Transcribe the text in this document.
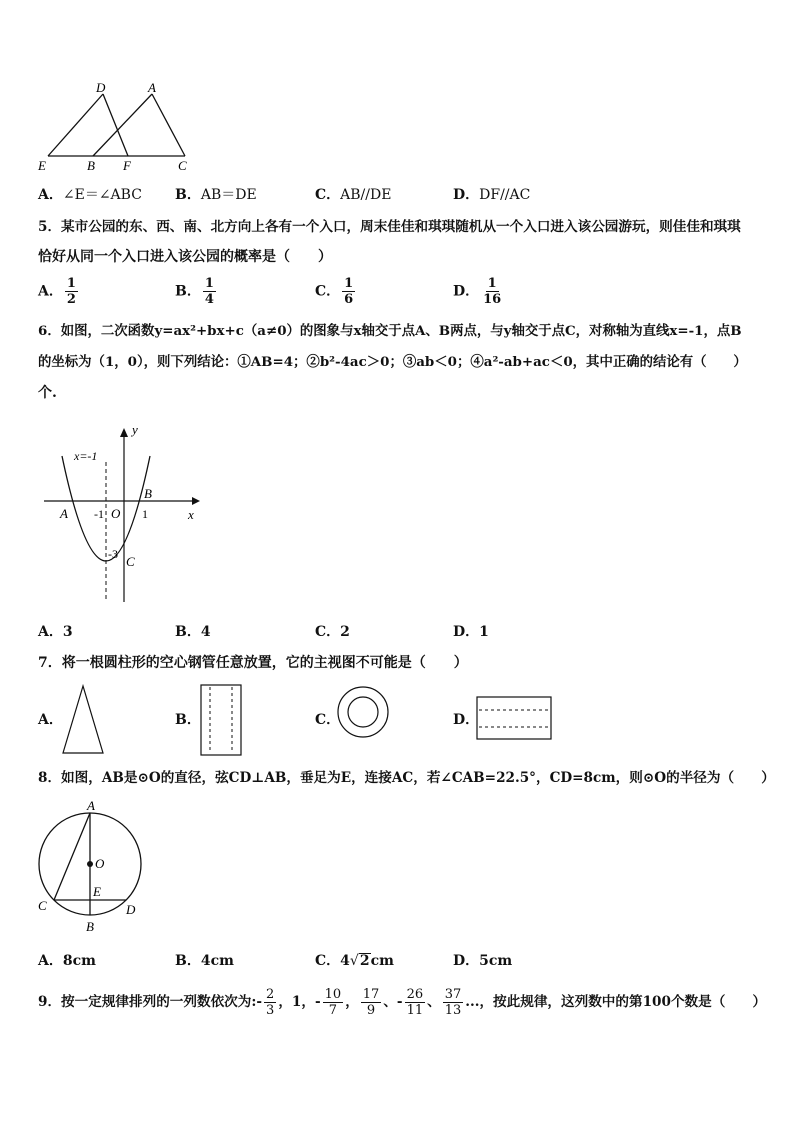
D	A
E	B F	C
A．∠E＝∠ABC B．AB＝DE	C．AB//DE	D．DF//AC
5．某市公园的东、西、南、北方向上各有一个入口，周末佳佳和琪琪随机从一个入口进入该公园游玩，则佳佳和琪琪
恰好从同一个入口进入该公园的概率是（　　）
A． $\frac{1}{2}$	B． $\frac{1}{4}$	C． $\frac{1}{6}$	D． $\frac{1}{16}$
6．如图，二次函数y=ax²+bx+c（a≠0）的图象与x轴交于点A、B两点，与y轴交于点C，对称轴为直线x=-1，点B
的坐标为（1，0），则下列结论：①AB=4；②b²-4ac＞0；③ab＜0；④a²-ab+ac＜0，其中正确的结论有（　　）
个.
y
x
x=-1
A
B
-1 O 1
-3 C
A．3	B．4	C．2	D．1
7．将一根圆柱形的空心钢管任意放置，它的主视图不可能是（　　）
A．	B．	C．	D．
8．如图，AB是⊙O的直径，弦CD⊥AB，垂足为E，连接AC，若∠CAB=22.5°，CD=8cm，则⊙O的半径为（　　）
A
O
E
C	D
B
A．8cm	B．4cm	C．4√2cm	D．5cm
9．按一定规律排列的一列数依次为: - $\frac{2}{3}$ ， 1 ， - $\frac{10}{7}$ ， $\frac{17}{9}$ 、 - $\frac{26}{11}$ 、 $\frac{37}{13}$ ... ，按此规律，这列数中的第100个数是（　　）
